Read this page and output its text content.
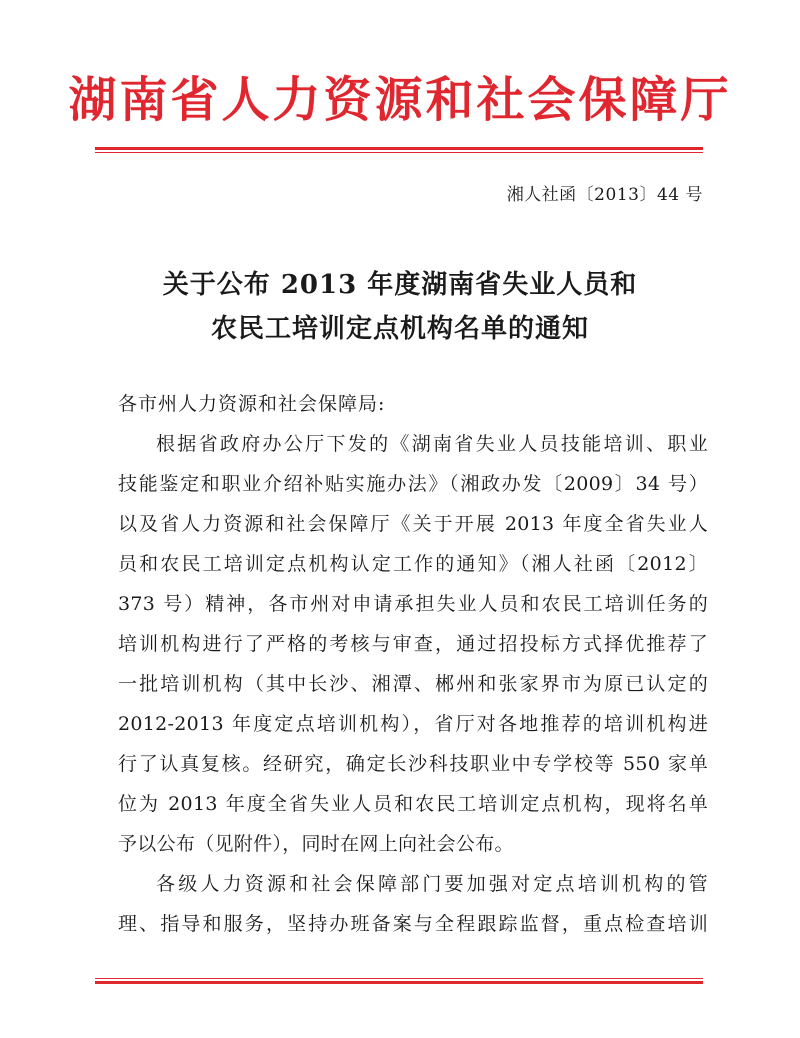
湖南省人力资源和社会保障厅
湘人社函〔2013〕44 号
关于公布 2013 年度湖南省失业人员和
农民工培训定点机构名单的通知
各市州人力资源和社会保障局:
根据省政府办公厅下发的《湖南省失业人员技能培训、职业
技能鉴定和职业介绍补贴实施办法》（湘政办发〔2009〕34 号）
以及省人力资源和社会保障厅《关于开展 2013 年度全省失业人
员和农民工培训定点机构认定工作的通知》（湘人社函〔2012〕
373 号）精神，各市州对申请承担失业人员和农民工培训任务的
培训机构进行了严格的考核与审查，通过招投标方式择优推荐了
一批培训机构（其中长沙、湘潭、郴州和张家界市为原已认定的
2012-2013 年度定点培训机构），省厅对各地推荐的培训机构进
行了认真复核。经研究，确定长沙科技职业中专学校等 550 家单
位为 2013 年度全省失业人员和农民工培训定点机构，现将名单
予以公布（见附件），同时在网上向社会公布。
各级人力资源和社会保障部门要加强对定点培训机构的管
理、指导和服务，坚持办班备案与全程跟踪监督，重点检查培训
